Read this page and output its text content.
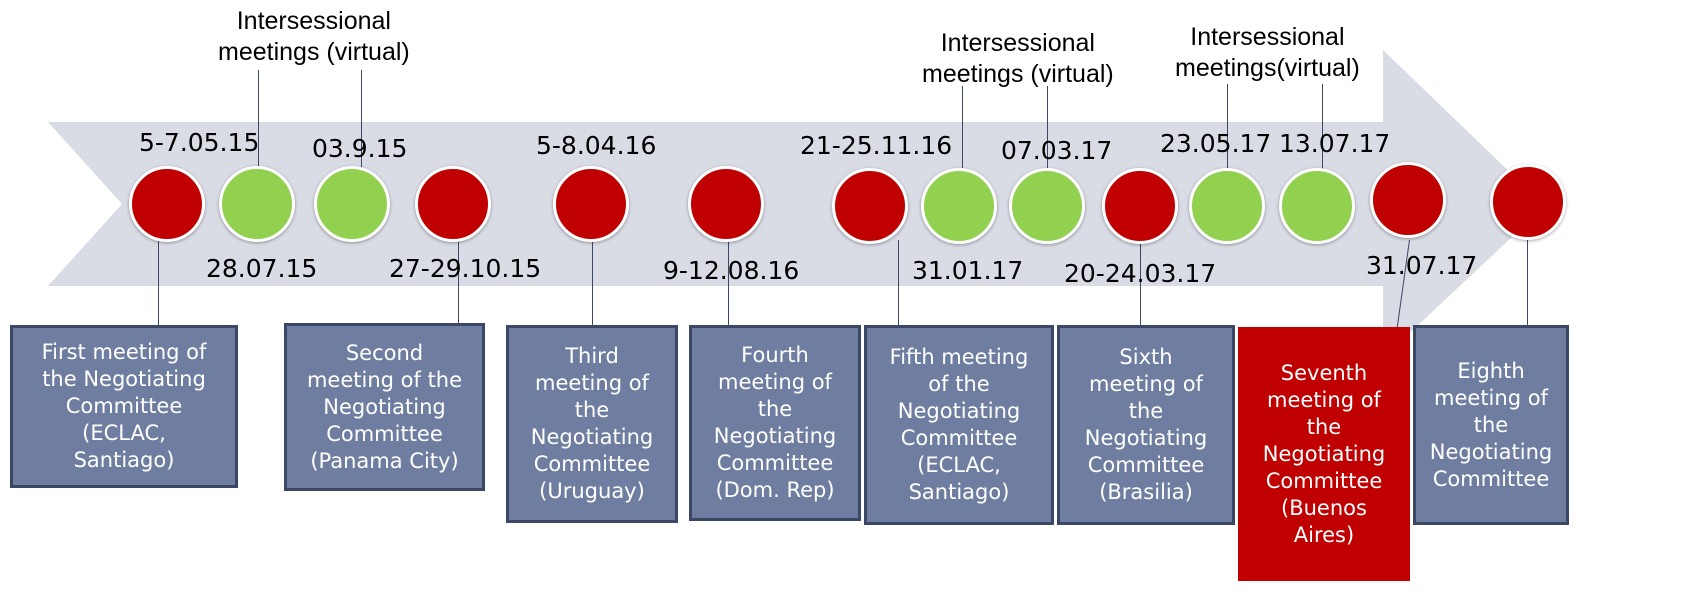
Intersessional
meetings (virtual)	Intersessional
meetings (virtual)
Intersessional
meetings(virtual)
5-7.05.15
28.07.15
03.9.15
27-29.10.15
5-8.04.16
9-12.08.16
21-25.11.16
31.01.17
07.03.17
20-24.03.17
23.05.17 13.07.17
31.07.17
First meeting of
the Negotiating
Committee
(ECLAC,
Santiago)
Second
meeting of the
Negotiating
Committee
(Panama City)
Third
meeting of
the
Negotiating
Committee
(Uruguay)
Fourth
meeting of
the
Negotiating
Committee
(Dom. Rep)
Fifth meeting
of the
Negotiating
Committee
(ECLAC,
Santiago)
Sixth
meeting of
the
Negotiating
Committee
(Brasilia)
Seventh
meeting of
the
Negotiating
Committee
(Buenos
Aires)
Eighth
meeting of
the
Negotiating
Committee
